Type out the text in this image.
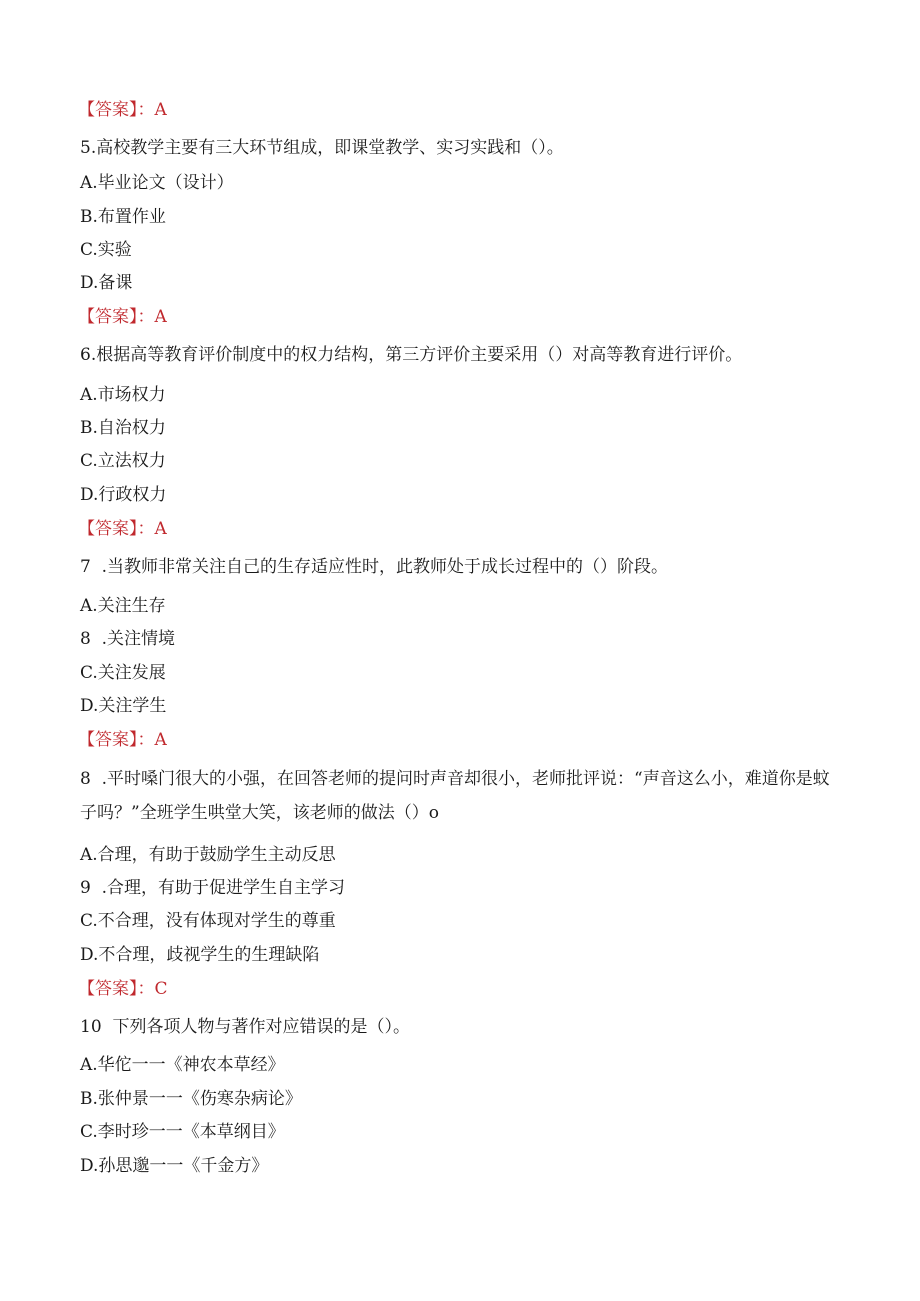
【答案】：A
5.高校教学主要有三大环节组成，即课堂教学、实习实践和（）。
A.毕业论文（设计）
B.布置作业
C.实验
D.备课
【答案】：A
6.根据高等教育评价制度中的权力结构，第三方评价主要采用（）对高等教育进行评价。
A.市场权力
B.自治权力
C.立法权力
D.行政权力
【答案】：A
7  .当教师非常关注自己的生存适应性时，此教师处于成长过程中的（）阶段。
A.关注生存
8  .关注情境
C.关注发展
D.关注学生
【答案】：A
8  .平时嗓门很大的小强，在回答老师的提问时声音却很小，老师批评说：“声音这么小，难道你是蚊子吗？”全班学生哄堂大笑，该老师的做法（）o
A.合理，有助于鼓励学生主动反思
9  .合理，有助于促进学生自主学习
C.不合理，没有体现对学生的尊重
D.不合理，歧视学生的生理缺陷
【答案】：C
10  下列各项人物与著作对应错误的是（）。
A.华佗一一《神农本草经》
B.张仲景一一《伤寒杂病论》
C.李时珍一一《本草纲目》
D.孙思邈一一《千金方》
